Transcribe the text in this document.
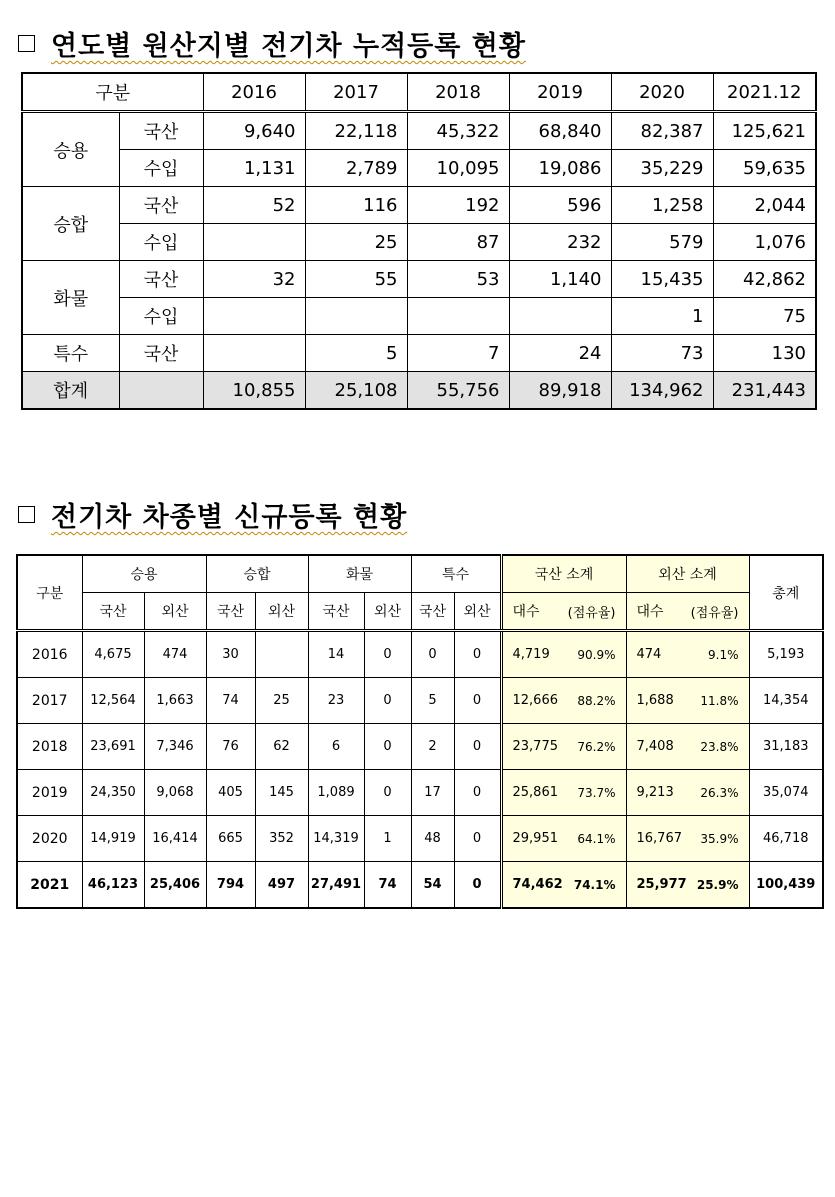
연도별 원산지별 전기차 누적등록 현황
구분		2016	2017	2018	2019	2020	2021.12
승용	국산	9,640	22,118	45,322	68,840	82,387	125,621
	수입	1,131	2,789	10,095	19,086	35,229	59,635
승합	국산	52	116	192	596	1,258	2,044
	수입		25	87	232	579	1,076
화물	국산	32	55	53	1,140	15,435	42,862
	수입					1	75
특수	국산		5	7	24	73	130
합계		10,855	25,108	55,756	89,918	134,962	231,443
전기차 차종별 신규등록 현황
구분	승용		승합		화물		특수		국산 소계	외산 소계	총계
	국산	외산	국산	외산	국산	외산	국산	외산	대수 (점유율)	대수 (점유율)	

2016	4,675	474	30		14	0	0	0	4,719 90.9%	474 9.1%	5,193
2017	12,564	1,663	74	25	23	0	5	0	12,666 88.2%	1,688 11.8%	14,354
2018	23,691	7,346	76	62	6	0	2	0	23,775 76.2%	7,408 23.8%	31,183
2019	24,350	9,068	405	145	1,089	0	17	0	25,861 73.7%	9,213 26.3%	35,074
2020	14,919	16,414	665	352	14,319	1	48	0	29,951 64.1%	16,767 35.9%	46,718
2021	46,123	25,406	794	497	27,491	74	54	0	74,462 74.1%	25,977 25.9%	100,439
